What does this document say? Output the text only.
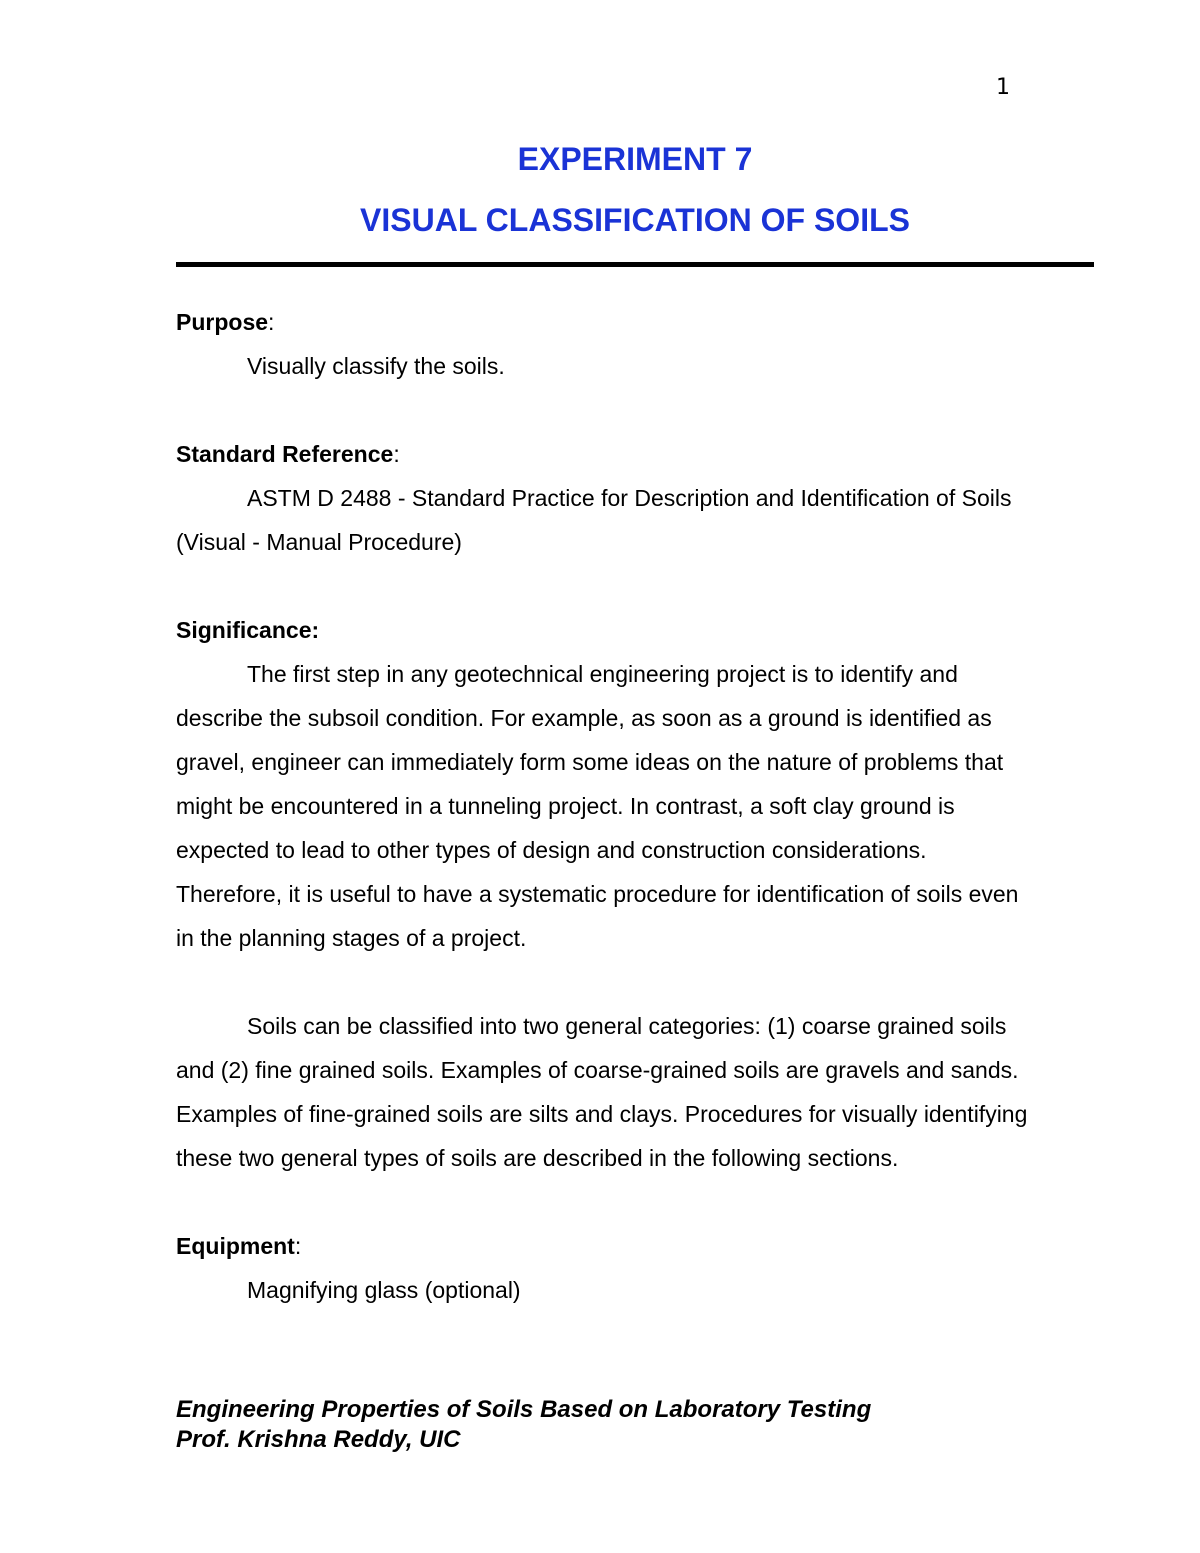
1
EXPERIMENT 7
VISUAL CLASSIFICATION OF SOILS

Purpose:

Visually classify the soils.

Standard Reference:

ASTM D 2488 - Standard Practice for Description and Identification of Soils (Visual - Manual Procedure)

Significance:

The first step in any geotechnical engineering project is to identify and describe the subsoil condition. For example, as soon as a ground is identified as gravel, engineer can immediately form some ideas on the nature of problems that might be encountered in a tunneling project. In contrast, a soft clay ground is expected to lead to other types of design and construction considerations. Therefore, it is useful to have a systematic procedure for identification of soils even in the planning stages of a project.

Soils can be classified into two general categories: (1) coarse grained soils and (2) fine grained soils. Examples of coarse-grained soils are gravels and sands. Examples of fine-grained soils are silts and clays. Procedures for visually identifying these two general types of soils are described in the following sections.

Equipment:

Magnifying glass (optional)

Engineering Properties of Soils Based on Laboratory Testing

Prof. Krishna Reddy, UIC
